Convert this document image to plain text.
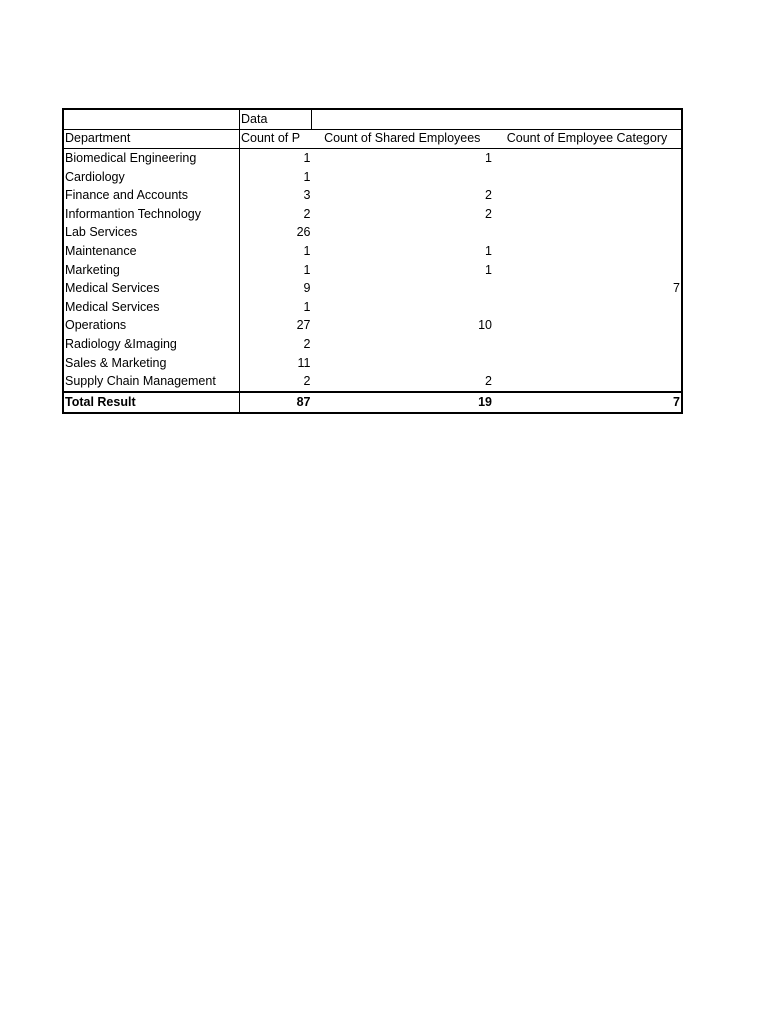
	Data		
Department	Count of P	Count of Shared Employees	Count of Employee Category
Biomedical Engineering	1	1	
Cardiology	1		
Finance and Accounts	3	2	
Informantion Technology	2	2	
Lab Services	26		
Maintenance	1	1	
Marketing	1	1	
Medical Services	9		7
Medical Services	1		
Operations	27	10	
Radiology &Imaging	2		
Sales & Marketing	11		
Supply Chain Management	2	2	
Total Result	87	19	7
